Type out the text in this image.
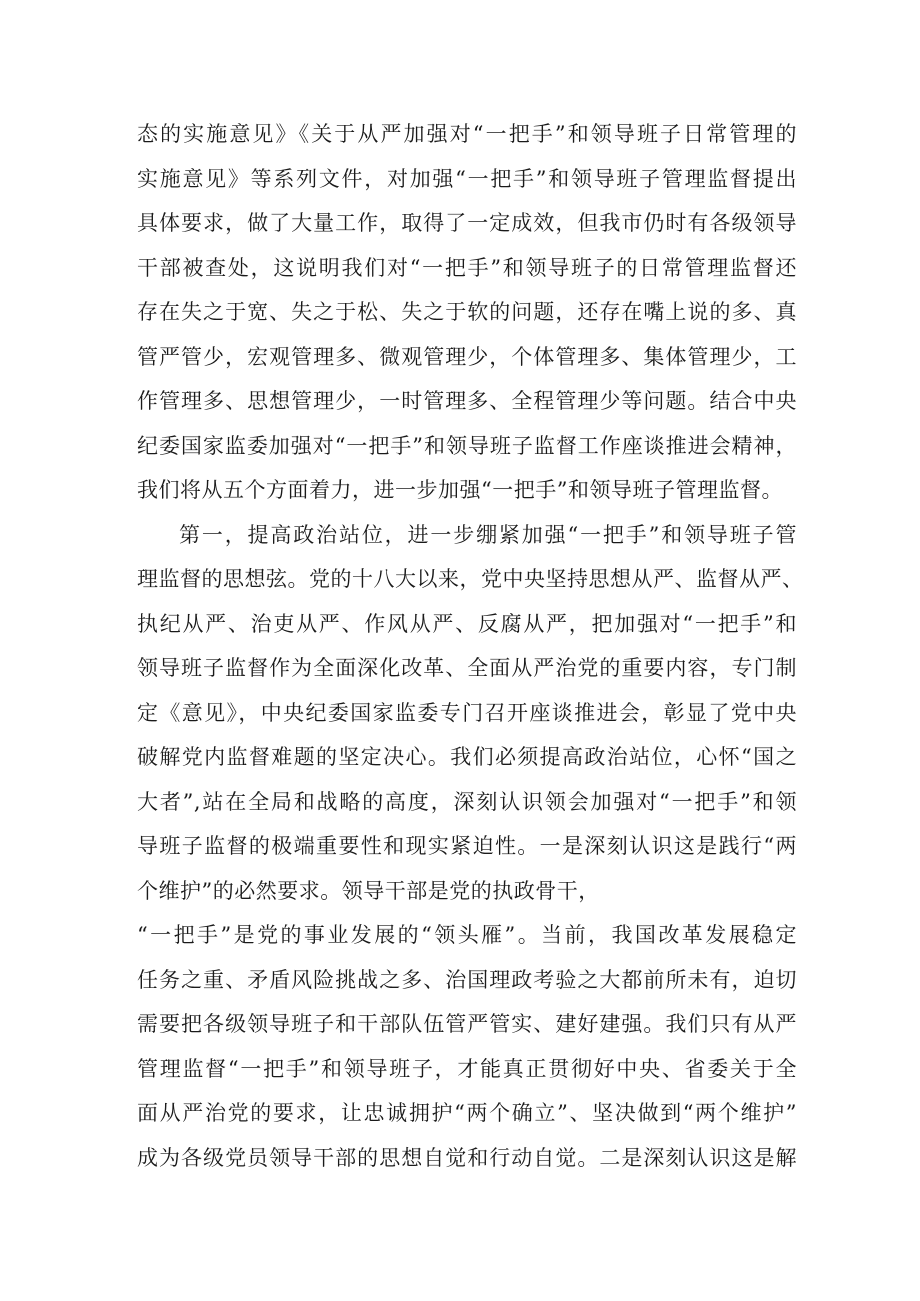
态的实施意见》《关于从严加强对“一把手”和领导班子日常管理的
实施意见》等系列文件，对加强“一把手”和领导班子管理监督提出
具体要求，做了大量工作，取得了一定成效，但我市仍时有各级领导
干部被查处，这说明我们对“一把手”和领导班子的日常管理监督还
存在失之于宽、失之于松、失之于软的问题，还存在嘴上说的多、真
管严管少，宏观管理多、微观管理少，个体管理多、集体管理少，工
作管理多、思想管理少，一时管理多、全程管理少等问题。结合中央
纪委国家监委加强对“一把手”和领导班子监督工作座谈推进会精神，
我们将从五个方面着力，进一步加强“一把手”和领导班子管理监督。
第一，提高政治站位，进一步绷紧加强“一把手”和领导班子管
理监督的思想弦。党的十八大以来，党中央坚持思想从严、监督从严、
执纪从严、治吏从严、作风从严、反腐从严，把加强对“一把手”和
领导班子监督作为全面深化改革、全面从严治党的重要内容，专门制
定《意见》，中央纪委国家监委专门召开座谈推进会，彰显了党中央
破解党内监督难题的坚定决心。我们必须提高政治站位，心怀“国之
大者”,站在全局和战略的高度，深刻认识领会加强对“一把手”和领
导班子监督的极端重要性和现实紧迫性。一是深刻认识这是践行“两
个维护”的必然要求。领导干部是党的执政骨干，
“一把手”是党的事业发展的“领头雁”。当前，我国改革发展稳定
任务之重、矛盾风险挑战之多、治国理政考验之大都前所未有，迫切
需要把各级领导班子和干部队伍管严管实、建好建强。我们只有从严
管理监督“一把手”和领导班子，才能真正贯彻好中央、省委关于全
面从严治党的要求，让忠诚拥护“两个确立”、坚决做到“两个维护”
成为各级党员领导干部的思想自觉和行动自觉。二是深刻认识这是解
